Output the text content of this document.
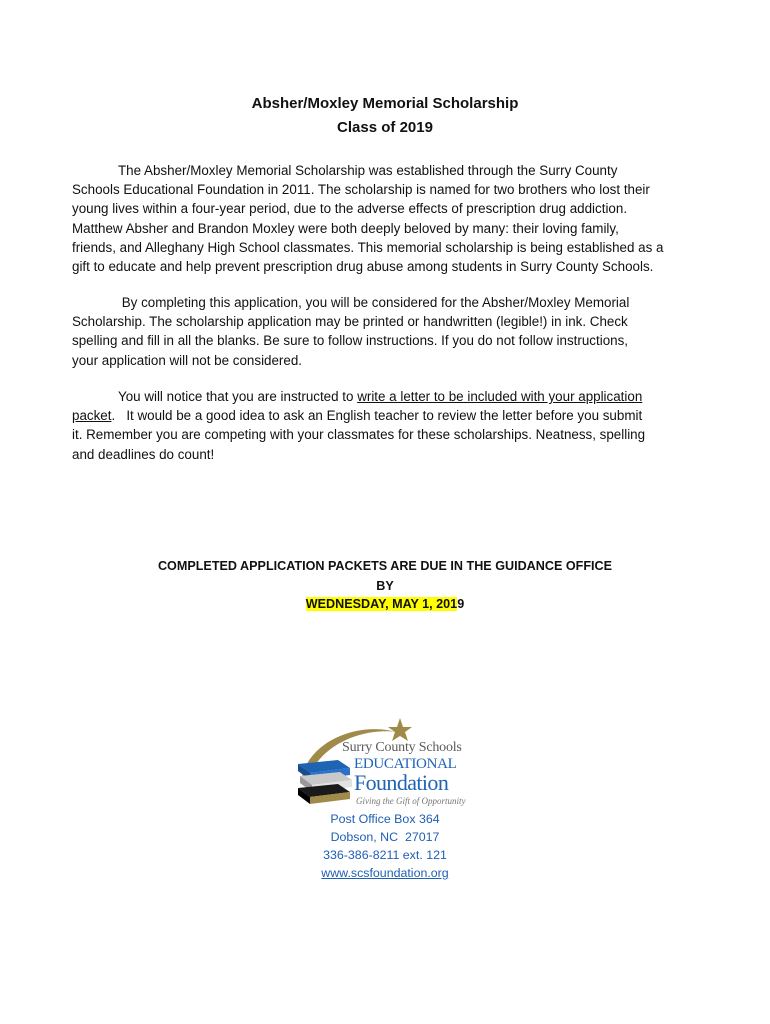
Absher/Moxley Memorial Scholarship
Class of 2019
The Absher/Moxley Memorial Scholarship was established through the Surry County
Schools Educational Foundation in 2011. The scholarship is named for two brothers who lost their
young lives within a four-year period, due to the adverse effects of prescription drug addiction.
Matthew Absher and Brandon Moxley were both deeply beloved by many: their loving family,
friends, and Alleghany High School classmates. This memorial scholarship is being established as a
gift to educate and help prevent prescription drug abuse among students in Surry County Schools.
By completing this application, you will be considered for the Absher/Moxley Memorial
Scholarship. The scholarship application may be printed or handwritten (legible!) in ink. Check
spelling and fill in all the blanks. Be sure to follow instructions. If you do not follow instructions,
your application will not be considered.
You will notice that you are instructed to write a letter to be included with your application
packet.   It would be a good idea to ask an English teacher to review the letter before you submit
it. Remember you are competing with your classmates for these scholarships. Neatness, spelling
and deadlines do count!
COMPLETED APPLICATION PACKETS ARE DUE IN THE GUIDANCE OFFICE
BY
WEDNESDAY, MAY 1, 2019
Surry County Schools
EDUCATIONAL
Foundation
Giving the Gift of Opportunity
Post Office Box 364
Dobson, NC  27017
336-386-8211 ext. 121
www.scsfoundation.org
